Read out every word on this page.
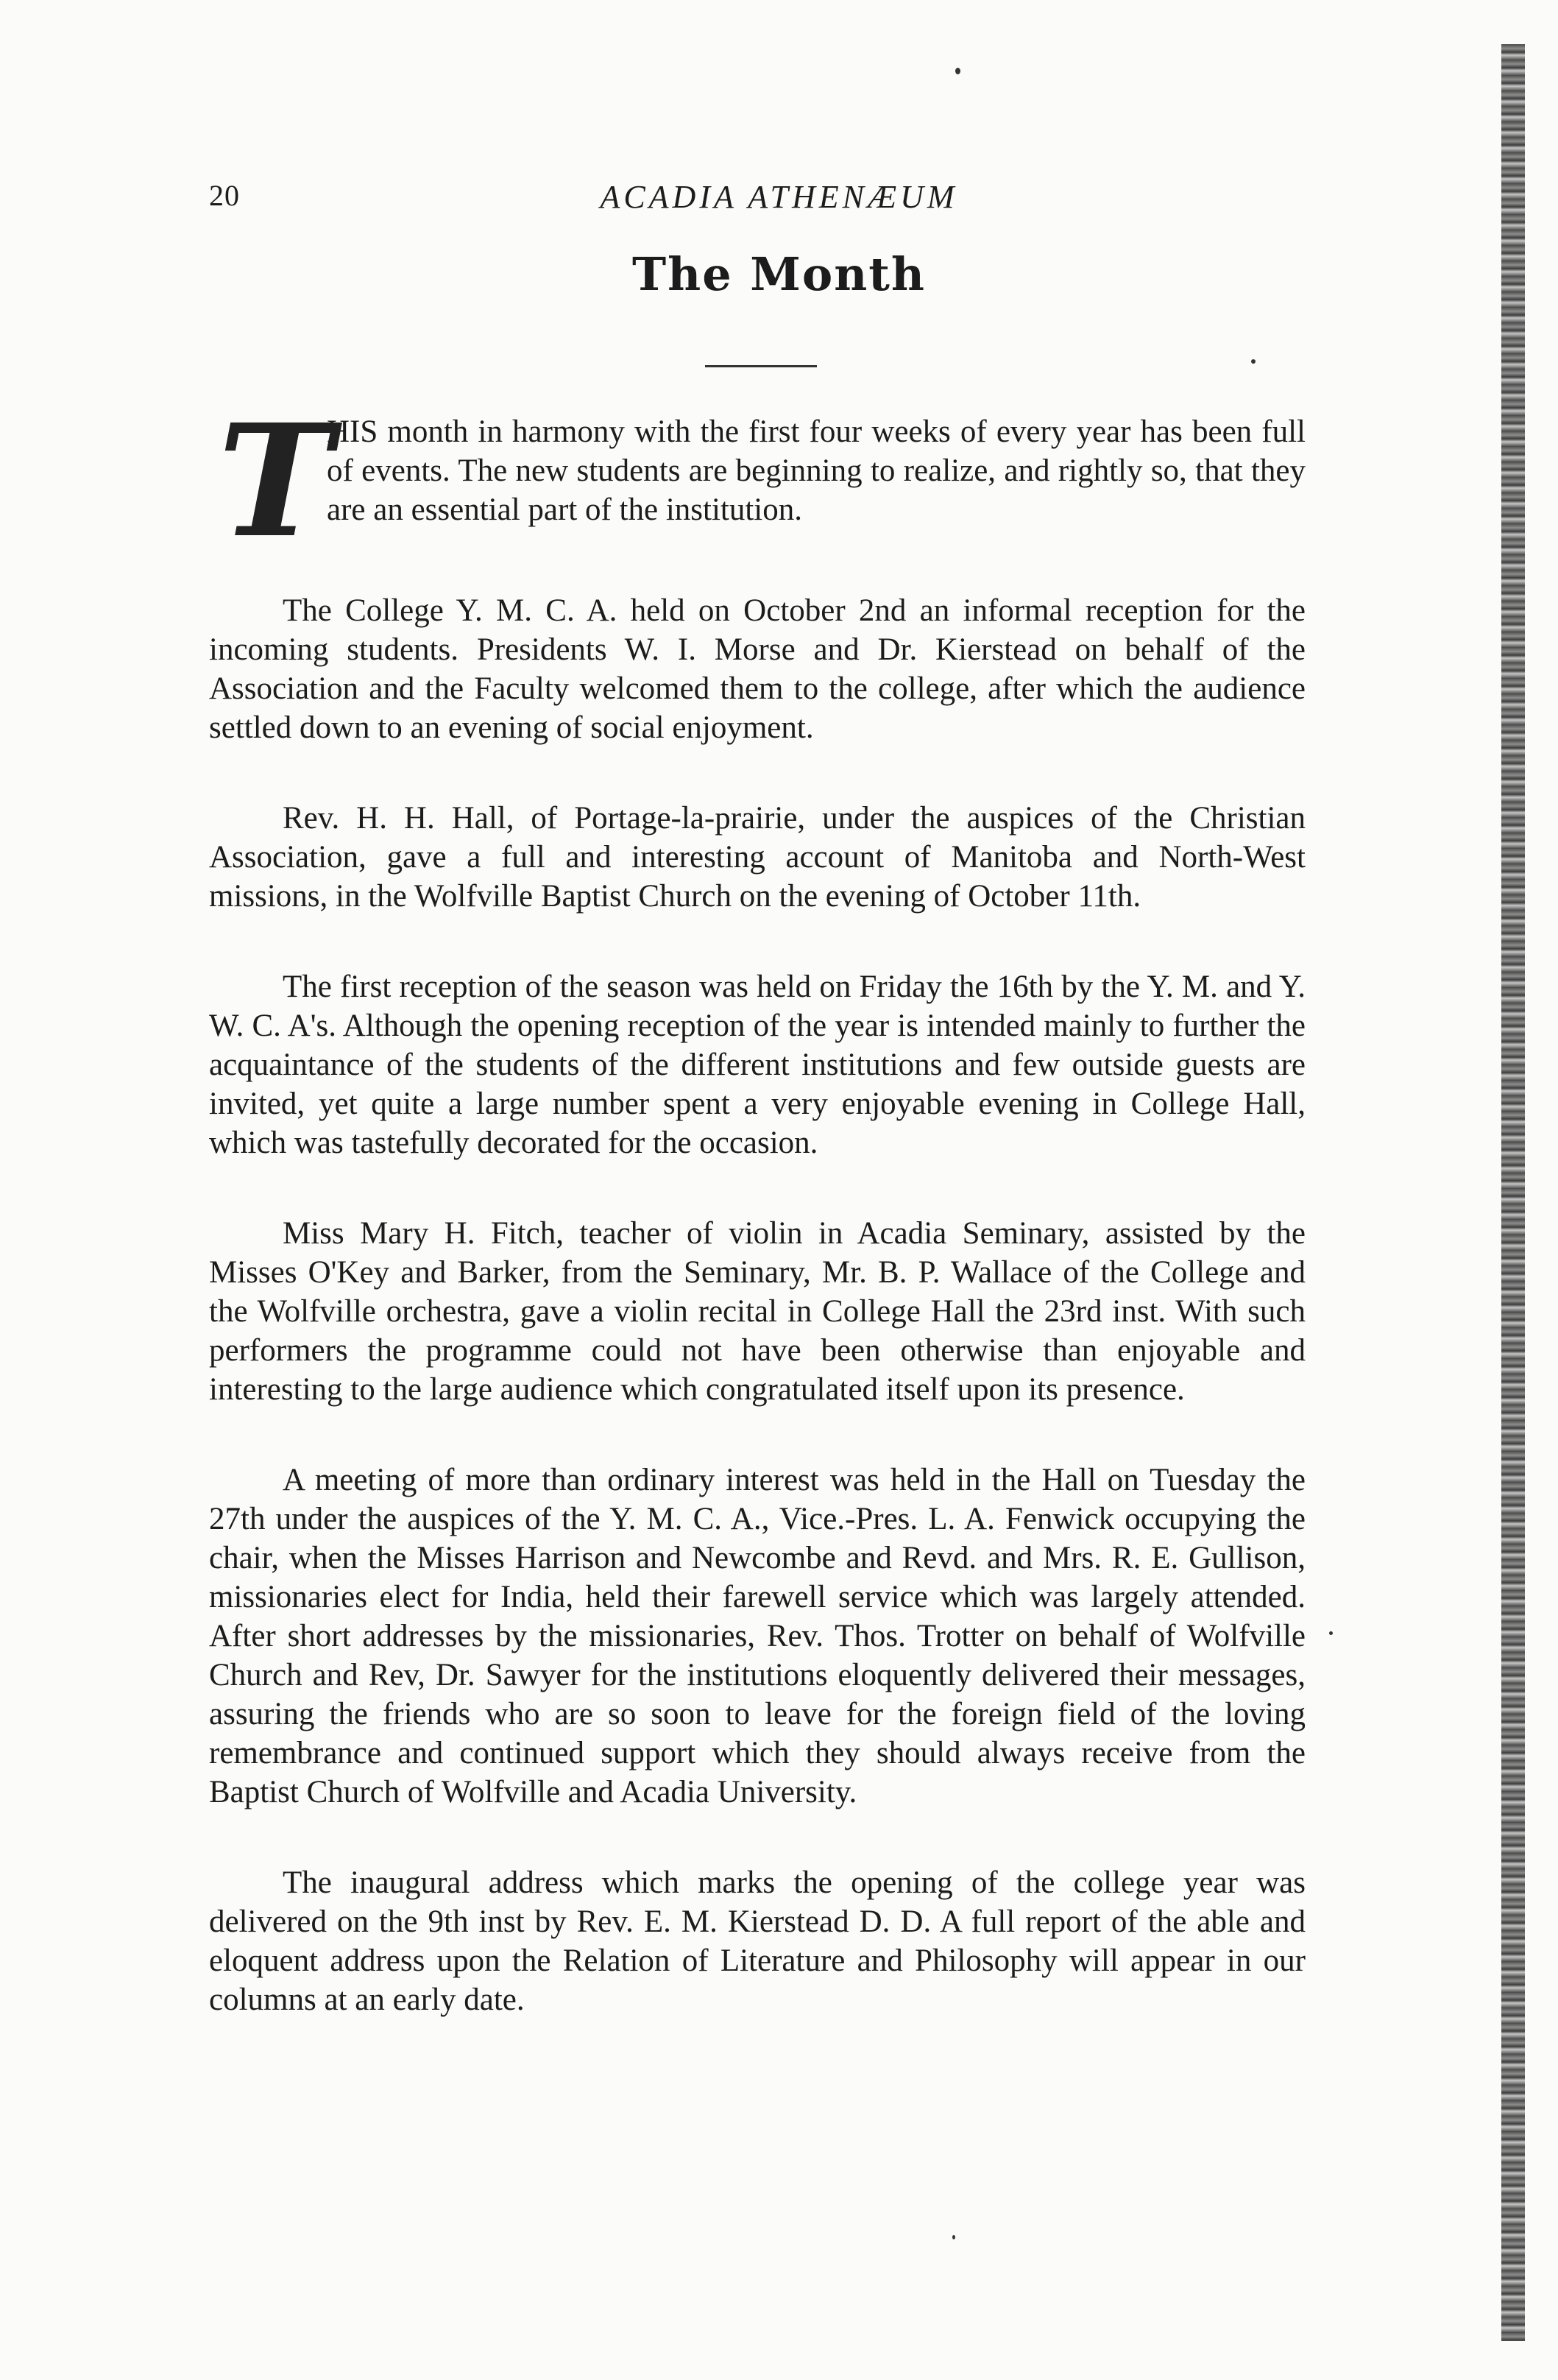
20	ACADIA ATHENÆUM
The Month

T
HIS month in harmony with the first four weeks of every year has been full of events. The new students are beginning to realize, and rightly so, that they are an essential part of the institution.

The College Y. M. C. A. held on October 2nd an informal reception for the incoming students. Presidents W. I. Morse and Dr. Kierstead on behalf of the Association and the Faculty welcomed them to the college, after which the audience settled down to an evening of social enjoyment.

Rev. H. H. Hall, of Portage-la-prairie, under the auspices of the Christian Association, gave a full and interesting account of Manitoba and North-West missions, in the Wolfville Baptist Church on the evening of October 11th.

The first reception of the season was held on Friday the 16th by the Y. M. and Y. W. C. A's. Although the opening reception of the year is intended mainly to further the acquaintance of the students of the different institutions and few outside guests are invited, yet quite a large number spent a very enjoyable evening in College Hall, which was tastefully decorated for the occasion.

Miss Mary H. Fitch, teacher of violin in Acadia Seminary, assisted by the Misses O'Key and Barker, from the Seminary, Mr. B. P. Wallace of the College and the Wolfville orchestra, gave a violin recital in College Hall the 23rd inst. With such performers the programme could not have been otherwise than enjoyable and interesting to the large audience which congratulated itself upon its presence.

A meeting of more than ordinary interest was held in the Hall on Tuesday the 27th under the auspices of the Y. M. C. A., Vice.-Pres. L. A. Fenwick occupying the chair, when the Misses Harrison and Newcombe and Revd. and Mrs. R. E. Gullison, missionaries elect for India, held their farewell service which was largely attended. After short addresses by the missionaries, Rev. Thos. Trotter on behalf of Wolfville Church and Rev, Dr. Sawyer for the institutions eloquently delivered their messages, assuring the friends who are so soon to leave for the foreign field of the loving remembrance and continued support which they should always receive from the Baptist Church of Wolfville and Acadia University.

The inaugural address which marks the opening of the college year was delivered on the 9th inst by Rev. E. M. Kierstead D. D. A full report of the able and eloquent address upon the Relation of Literature and Philosophy will appear in our columns at an early date.
